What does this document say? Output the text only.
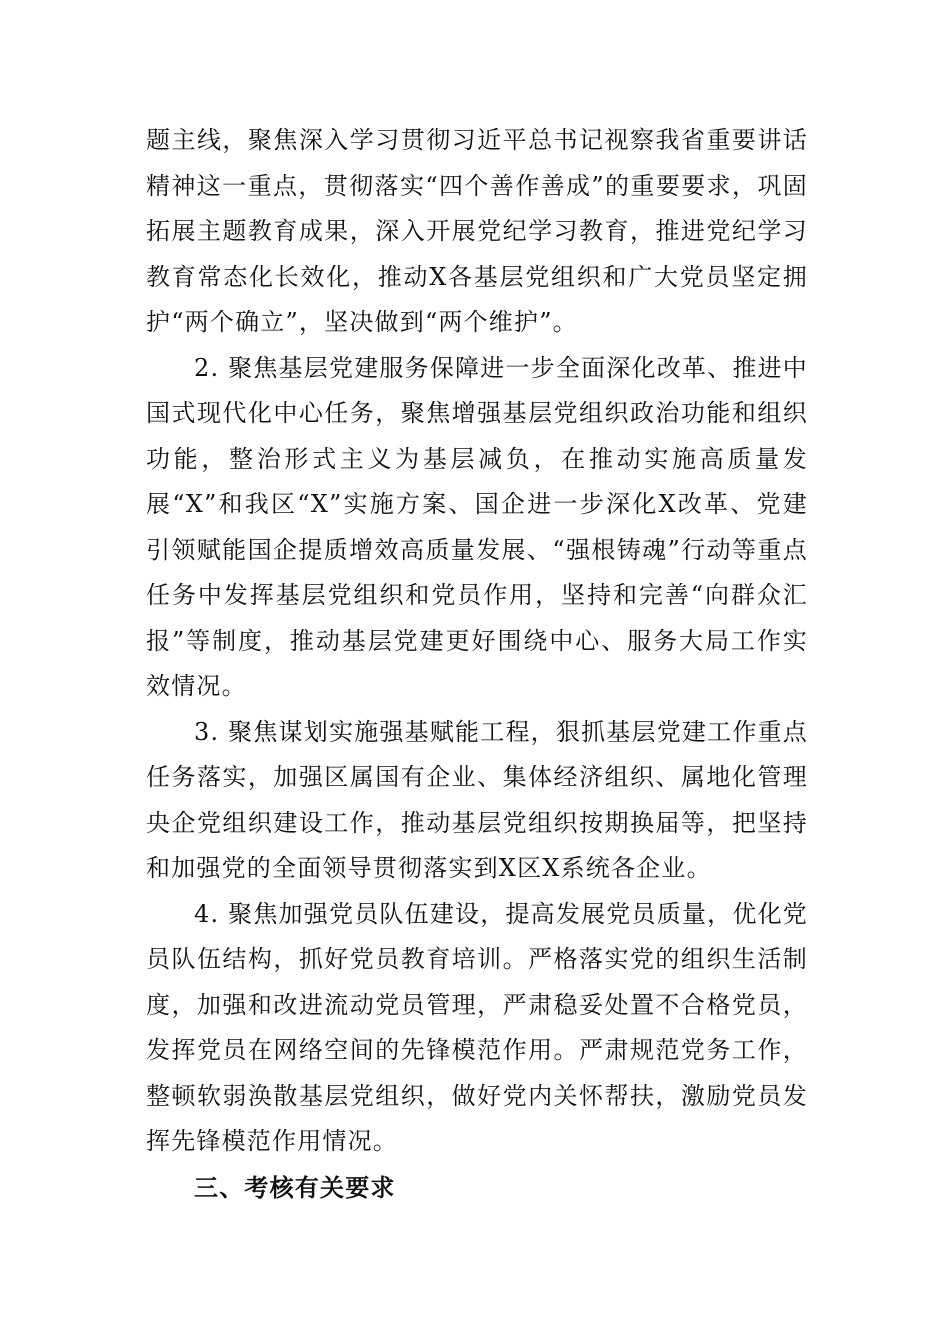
题主线，聚焦深入学习贯彻习近平总书记视察我省重要讲话精神这一重点，贯彻落实“四个善作善成”的重要要求，巩固拓展主题教育成果，深入开展党纪学习教育，推进党纪学习教育常态化长效化，推动X各基层党组织和广大党员坚定拥护“两个确立”，坚决做到“两个维护”。

2. 聚焦基层党建服务保障进一步全面深化改革、推进中国式现代化中心任务，聚焦增强基层党组织政治功能和组织功能，整治形式主义为基层减负，在推动实施高质量发展“X”和我区“X”实施方案、国企进一步深化X改革、党建引领赋能国企提质增效高质量发展、“强根铸魂”行动等重点任务中发挥基层党组织和党员作用，坚持和完善“向群众汇报”等制度，推动基层党建更好围绕中心、服务大局工作实效情况。

3. 聚焦谋划实施强基赋能工程，狠抓基层党建工作重点任务落实，加强区属国有企业、集体经济组织、属地化管理央企党组织建设工作，推动基层党组织按期换届等，把坚持和加强党的全面领导贯彻落实到X区X系统各企业。

4. 聚焦加强党员队伍建设，提高发展党员质量，优化党员队伍结构，抓好党员教育培训。严格落实党的组织生活制度，加强和改进流动党员管理，严肃稳妥处置不合格党员，发挥党员在网络空间的先锋模范作用。严肃规范党务工作，整顿软弱涣散基层党组织，做好党内关怀帮扶，激励党员发挥先锋模范作用情况。

三、考核有关要求
